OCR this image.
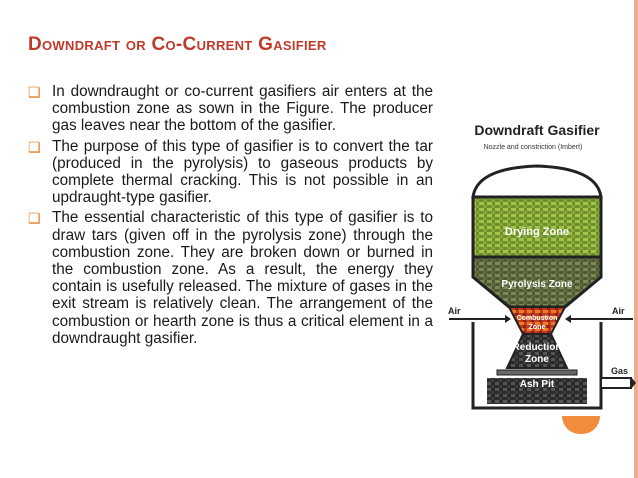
Downdraft or Co-Current Gasifier
❑ In downdraught or co-current gasifiers air enters at the combustion zone as sown in the Figure. The producer gas leaves near the bottom of the gasifier.
❑ The purpose of this type of gasifier is to convert the tar (produced in the pyrolysis) to gaseous products by complete thermal cracking. This is not possible in an updraught-type gasifier.
❑ The essential characteristic of this type of gasifier is to draw tars (given off in the pyrolysis zone) through the combustion zone. They are broken down or burned in the combustion zone. As a result, the energy they contain is usefully released. The mixture of gases in the exit stream is relatively clean. The arrangement of the combustion or hearth zone is thus a critical element in a downdraught gasifier.
Downdraft Gasifier
Nozzle and constriction (Imbert)
Drying Zone
Pyrolysis Zone
Combustion
Zone
Reduction
Zone
Ash Pit
Air	Air
Gas
